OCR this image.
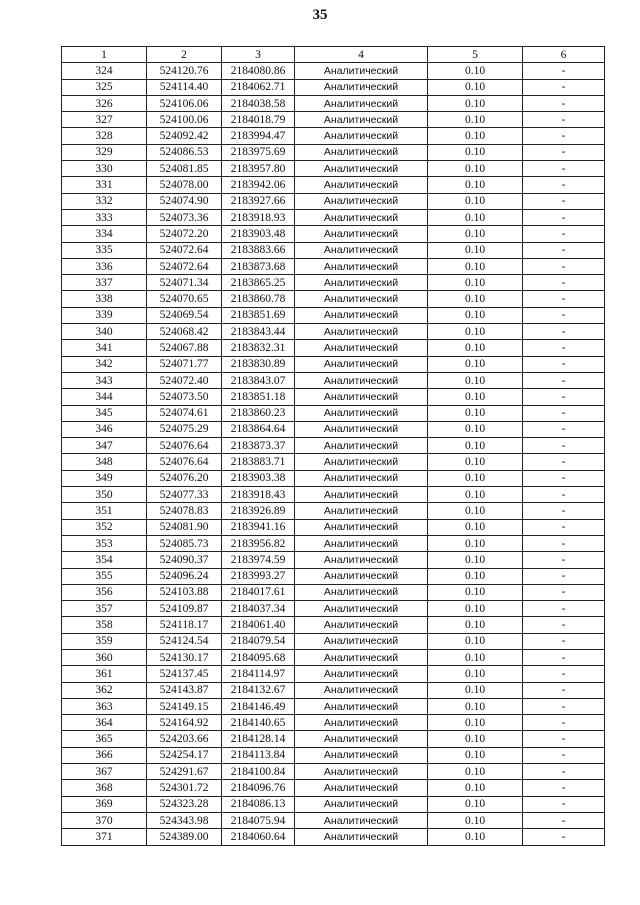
35
1	2	3	4	5	6
324	524120.76	2184080.86	Аналитический	0.10	-
325	524114.40	2184062.71	Аналитический	0.10	-
326	524106.06	2184038.58	Аналитический	0.10	-
327	524100.06	2184018.79	Аналитический	0.10	-
328	524092.42	2183994.47	Аналитический	0.10	-
329	524086.53	2183975.69	Аналитический	0.10	-
330	524081.85	2183957.80	Аналитический	0.10	-
331	524078.00	2183942.06	Аналитический	0.10	-
332	524074.90	2183927.66	Аналитический	0.10	-
333	524073.36	2183918.93	Аналитический	0.10	-
334	524072.20	2183903.48	Аналитический	0.10	-
335	524072.64	2183883.66	Аналитический	0.10	-
336	524072.64	2183873.68	Аналитический	0.10	-
337	524071.34	2183865.25	Аналитический	0.10	-
338	524070.65	2183860.78	Аналитический	0.10	-
339	524069.54	2183851.69	Аналитический	0.10	-
340	524068.42	2183843.44	Аналитический	0.10	-
341	524067.88	2183832.31	Аналитический	0.10	-
342	524071.77	2183830.89	Аналитический	0.10	-
343	524072.40	2183843.07	Аналитический	0.10	-
344	524073.50	2183851.18	Аналитический	0.10	-
345	524074.61	2183860.23	Аналитический	0.10	-
346	524075.29	2183864.64	Аналитический	0.10	-
347	524076.64	2183873.37	Аналитический	0.10	-
348	524076.64	2183883.71	Аналитический	0.10	-
349	524076.20	2183903.38	Аналитический	0.10	-
350	524077.33	2183918.43	Аналитический	0.10	-
351	524078.83	2183926.89	Аналитический	0.10	-
352	524081.90	2183941.16	Аналитический	0.10	-
353	524085.73	2183956.82	Аналитический	0.10	-
354	524090.37	2183974.59	Аналитический	0.10	-
355	524096.24	2183993.27	Аналитический	0.10	-
356	524103.88	2184017.61	Аналитический	0.10	-
357	524109.87	2184037.34	Аналитический	0.10	-
358	524118.17	2184061.40	Аналитический	0.10	-
359	524124.54	2184079.54	Аналитический	0.10	-
360	524130.17	2184095.68	Аналитический	0.10	-
361	524137.45	2184114.97	Аналитический	0.10	-
362	524143.87	2184132.67	Аналитический	0.10	-
363	524149.15	2184146.49	Аналитический	0.10	-
364	524164.92	2184140.65	Аналитический	0.10	-
365	524203.66	2184128.14	Аналитический	0.10	-
366	524254.17	2184113.84	Аналитический	0.10	-
367	524291.67	2184100.84	Аналитический	0.10	-
368	524301.72	2184096.76	Аналитический	0.10	-
369	524323.28	2184086.13	Аналитический	0.10	-
370	524343.98	2184075.94	Аналитический	0.10	-
371	524389.00	2184060.64	Аналитический	0.10	-
